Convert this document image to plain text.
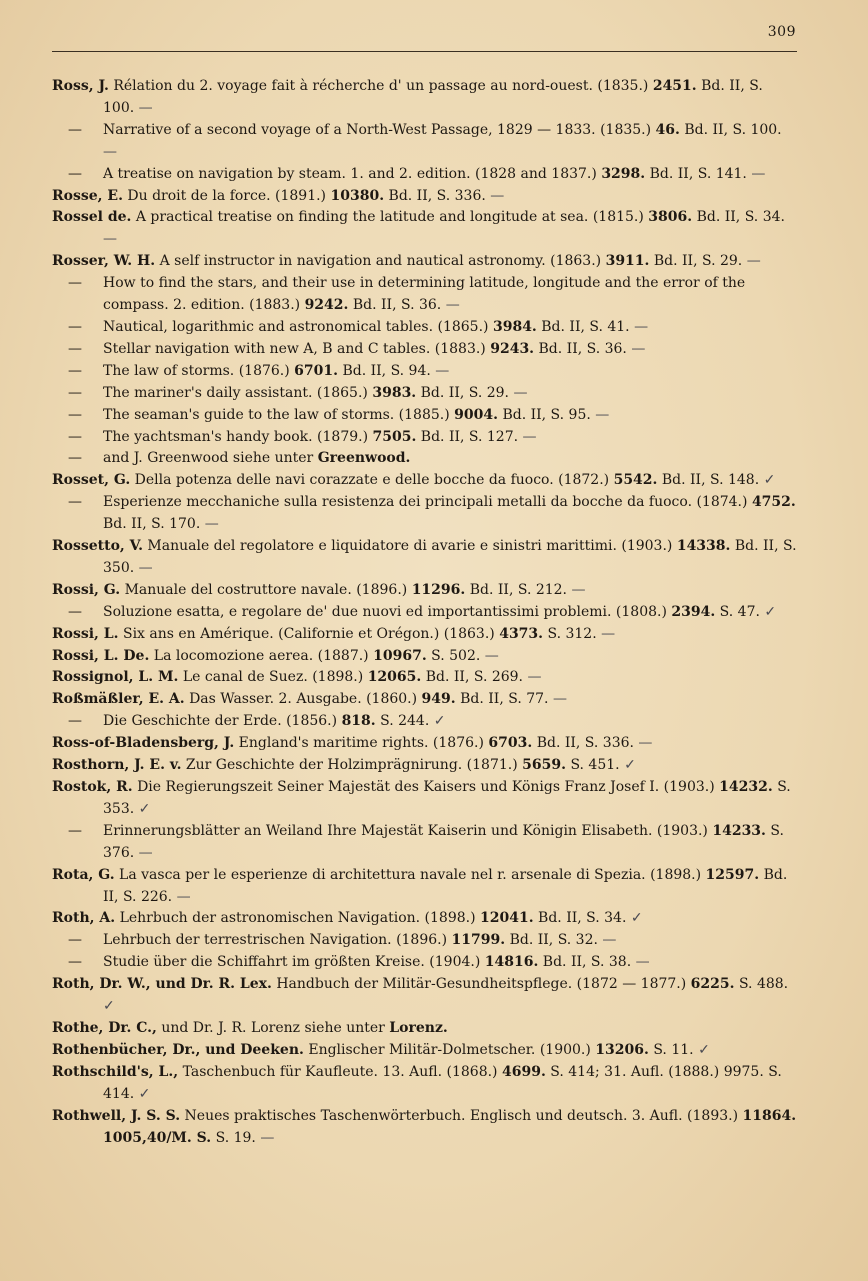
309
Ross, J. Rélation du 2. voyage fait à récherche d' un passage au nord-ouest. (1835.) 2451. Bd. II, S. 100. —
— Narrative of a second voyage of a North-West Passage, 1829 — 1833. (1835.) 46. Bd. II, S. 100. —
— A treatise on navigation by steam. 1. and 2. edition. (1828 and 1837.) 3298. Bd. II, S. 141. —
Rosse, E. Du droit de la force. (1891.) 10380. Bd. II, S. 336. —
Rossel de. A practical treatise on finding the latitude and longitude at sea. (1815.) 3806. Bd. II, S. 34. —
Rosser, W. H. A self instructor in navigation and nautical astronomy. (1863.) 3911. Bd. II, S. 29. —
— How to find the stars, and their use in determining latitude, longitude and the error of the compass. 2. edition. (1883.) 9242. Bd. II, S. 36. —
— Nautical, logarithmic and astronomical tables. (1865.) 3984. Bd. II, S. 41. —
— Stellar navigation with new A, B and C tables. (1883.) 9243. Bd. II, S. 36. —
— The law of storms. (1876.) 6701. Bd. II, S. 94. —
— The mariner's daily assistant. (1865.) 3983. Bd. II, S. 29. —
— The seaman's guide to the law of storms. (1885.) 9004. Bd. II, S. 95. —
— The yachtsman's handy book. (1879.) 7505. Bd. II, S. 127. —
— and J. Greenwood siehe unter Greenwood.
Rosset, G. Della potenza delle navi corazzate e delle bocche da fuoco. (1872.) 5542. Bd. II, S. 148. ✓
— Esperienze mecchaniche sulla resistenza dei principali metalli da bocche da fuoco. (1874.) 4752. Bd. II, S. 170. —
Rossetto, V. Manuale del regolatore e liquidatore di avarie e sinistri marittimi. (1903.) 14338. Bd. II, S. 350. —
Rossi, G. Manuale del costruttore navale. (1896.) 11296. Bd. II, S. 212. —
— Soluzione esatta, e regolare de' due nuovi ed importantissimi problemi. (1808.) 2394. S. 47. ✓
Rossi, L. Six ans en Amérique. (Californie et Orégon.) (1863.) 4373. S. 312. —
Rossi, L. De. La locomozione aerea. (1887.) 10967. S. 502. —
Rossignol, L. M. Le canal de Suez. (1898.) 12065. Bd. II, S. 269. —
Roßmäßler, E. A. Das Wasser. 2. Ausgabe. (1860.) 949. Bd. II, S. 77. —
— Die Geschichte der Erde. (1856.) 818. S. 244. ✓
Ross-of-Bladensberg, J. England's maritime rights. (1876.) 6703. Bd. II, S. 336. —
Rosthorn, J. E. v. Zur Geschichte der Holzimprägnirung. (1871.) 5659. S. 451. ✓
Rostok, R. Die Regierungszeit Seiner Majestät des Kaisers und Königs Franz Josef I. (1903.) 14232. S. 353. ✓
— Erinnerungsblätter an Weiland Ihre Majestät Kaiserin und Königin Elisabeth. (1903.) 14233. S. 376. —
Rota, G. La vasca per le esperienze di architettura navale nel r. arsenale di Spezia. (1898.) 12597. Bd. II, S. 226. —
Roth, A. Lehrbuch der astronomischen Navigation. (1898.) 12041. Bd. II, S. 34. ✓
— Lehrbuch der terrestrischen Navigation. (1896.) 11799. Bd. II, S. 32. —
— Studie über die Schiffahrt im größten Kreise. (1904.) 14816. Bd. II, S. 38. —
Roth, Dr. W., und Dr. R. Lex. Handbuch der Militär-Gesundheitspflege. (1872 — 1877.) 6225. S. 488. ✓
Rothe, Dr. C., und Dr. J. R. Lorenz siehe unter Lorenz.
Rothenbücher, Dr., und Deeken. Englischer Militär-Dolmetscher. (1900.) 13206. S. 11. ✓
Rothschild's, L., Taschenbuch für Kaufleute. 13. Aufl. (1868.) 4699. S. 414; 31. Aufl. (1888.) 9975. S. 414. ✓
Rothwell, J. S. S. Neues praktisches Taschenwörterbuch. Englisch und deutsch. 3. Aufl. (1893.) 11864. 1005,40/M. S. S. 19. —
